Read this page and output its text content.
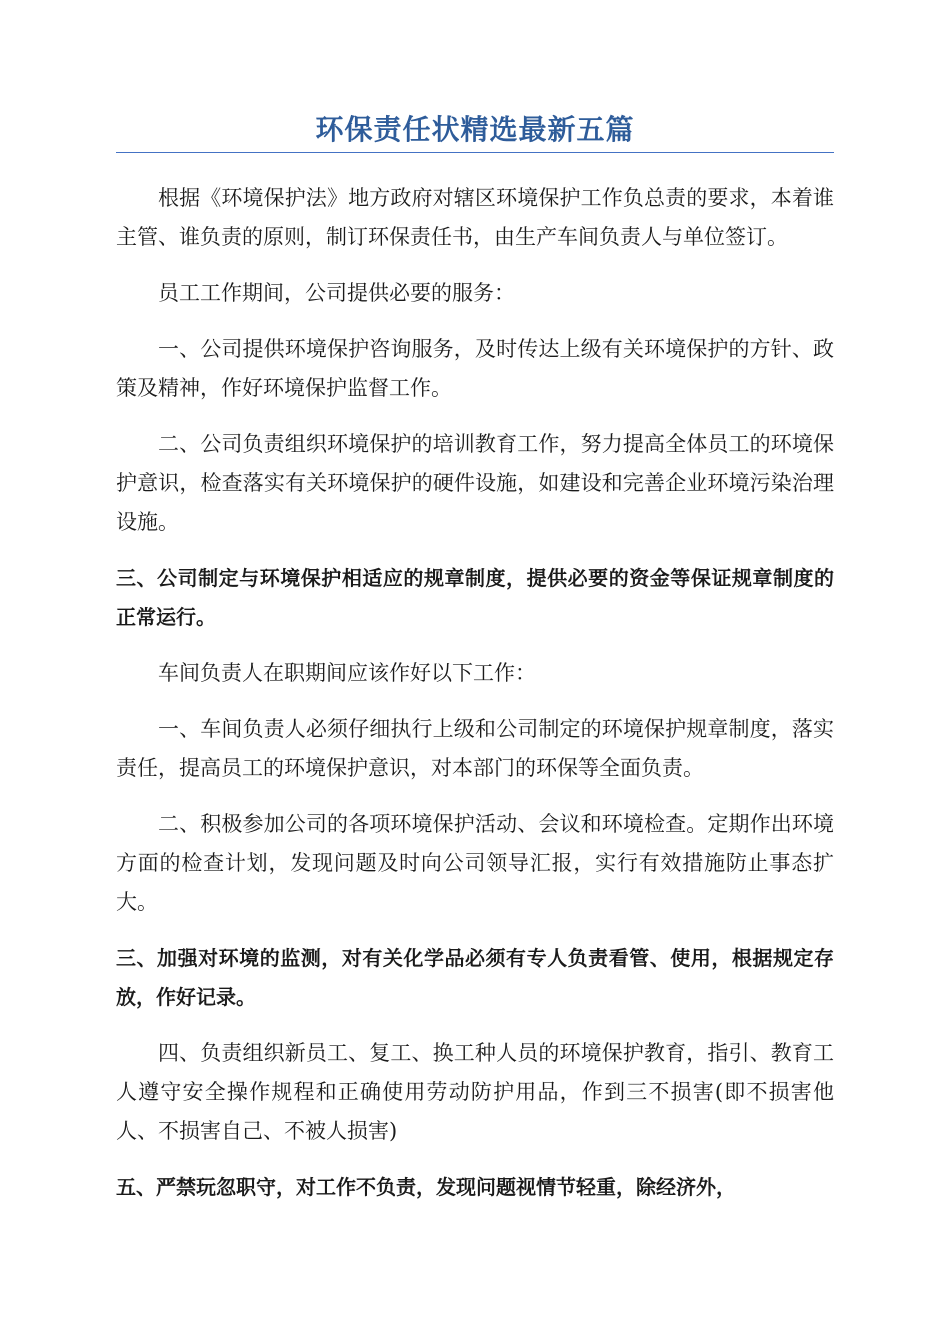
环保责任状精选最新五篇

根据《环境保护法》地方政府对辖区环境保护工作负总责的要求，本着谁主管、谁负责的原则，制订环保责任书，由生产车间负责人与单位签订。

员工工作期间，公司提供必要的服务：

一、公司提供环境保护咨询服务，及时传达上级有关环境保护的方针、政策及精神，作好环境保护监督工作。

二、公司负责组织环境保护的培训教育工作，努力提高全体员工的环境保护意识，检查落实有关环境保护的硬件设施，如建设和完善企业环境污染治理设施。

三、公司制定与环境保护相适应的规章制度，提供必要的资金等保证规章制度的正常运行。

车间负责人在职期间应该作好以下工作：

一、车间负责人必须仔细执行上级和公司制定的环境保护规章制度，落实责任，提高员工的环境保护意识，对本部门的环保等全面负责。

二、积极参加公司的各项环境保护活动、会议和环境检查。定期作出环境方面的检查计划，发现问题及时向公司领导汇报，实行有效措施防止事态扩大。

三、加强对环境的监测，对有关化学品必须有专人负责看管、使用，根据规定存放，作好记录。

四、负责组织新员工、复工、换工种人员的环境保护教育，指引、教育工人遵守安全操作规程和正确使用劳动防护用品，作到三不损害(即不损害他人、不损害自己、不被人损害)

五、严禁玩忽职守，对工作不负责，发现问题视情节轻重，除经济外，
